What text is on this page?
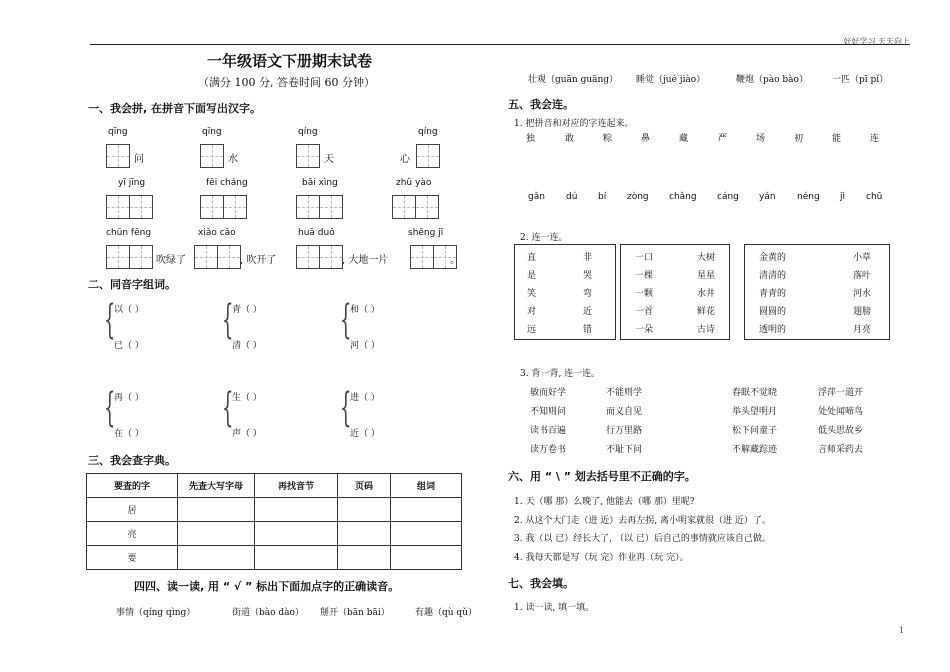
好好学习 天天向上
1
一年级语文下册期末试卷
（满分 100 分, 答卷时间 60 分钟）
一、我会拼, 在拼音下面写出汉字。
qīng	qīng	qíng	qíng
问	水	天	心
yī jīng	fēi cháng	bǎi xìng	zhǔ yào
chūn fēng	xiǎo cǎo	huā duǒ	shēng jī
吹绿了	, 吹开了	, 大地一片	。
二、同音字组词。
{
以（ ）
已（ ）
{
青（ ）
清（ ）
{
和（ ）
河（ ）
{
再（ ）
在（ ）
{
生（ ）
声（ ）
{
进（ ）
近（ ）
三、我会查字典。
要查的字	先查大写字母	再找音节	页码	组词
居				
亮				
要				
四四、读一读, 用 “ √ ” 标出下面加点字的正确读音。
事情（qíng qìng）	街道（bào dào） 掰开（bān bāi）	有趣（qù qǔ）
壮观（guān guāng） 睡觉（jué jiào）	鞭炮（pào bào）	一匹（pī pǐ）
五、我会连。
1. 把拼音和对应的字连起来。
独	敢	粽	鼻	藏	严	场	初	能	连
gǎn dú bí zòng chǎng cáng yán néng jì chū
2. 连一连。
直	非
是	哭
笑	弯
对	近
远	错
一口	大树
一棵	星星
一颗	水井
一首	鲜花
一朵	古诗
金黄的	小草
清清的	落叶
青青的	河水
圆圆的	翅膀
透明的	月亮
3. 背一背, 连一连。
敏而好学	不能则学
不知则问	而义自见
读书百遍	行万里路
读万卷书	不耻下问
春眠不觉晓	浮萍一道开
举头望明月	处处闻啼鸟
松下问童子	低头思故乡
不解藏踪迹	言师采药去
六、用 “ \ ” 划去括号里不正确的字。
1. 天（哪 那）么晚了, 他能去（哪 那）里呢?
2. 从这个大门走（进 近）去再左拐, 离小明家就很（进 近）了。
3. 我（以 已）经长大了, （以 已）后自己的事情就应该自己做。
4. 我每天都是写（玩 完）作业再（玩 完）。
七、我会填。
1. 读一读, 填一填。
